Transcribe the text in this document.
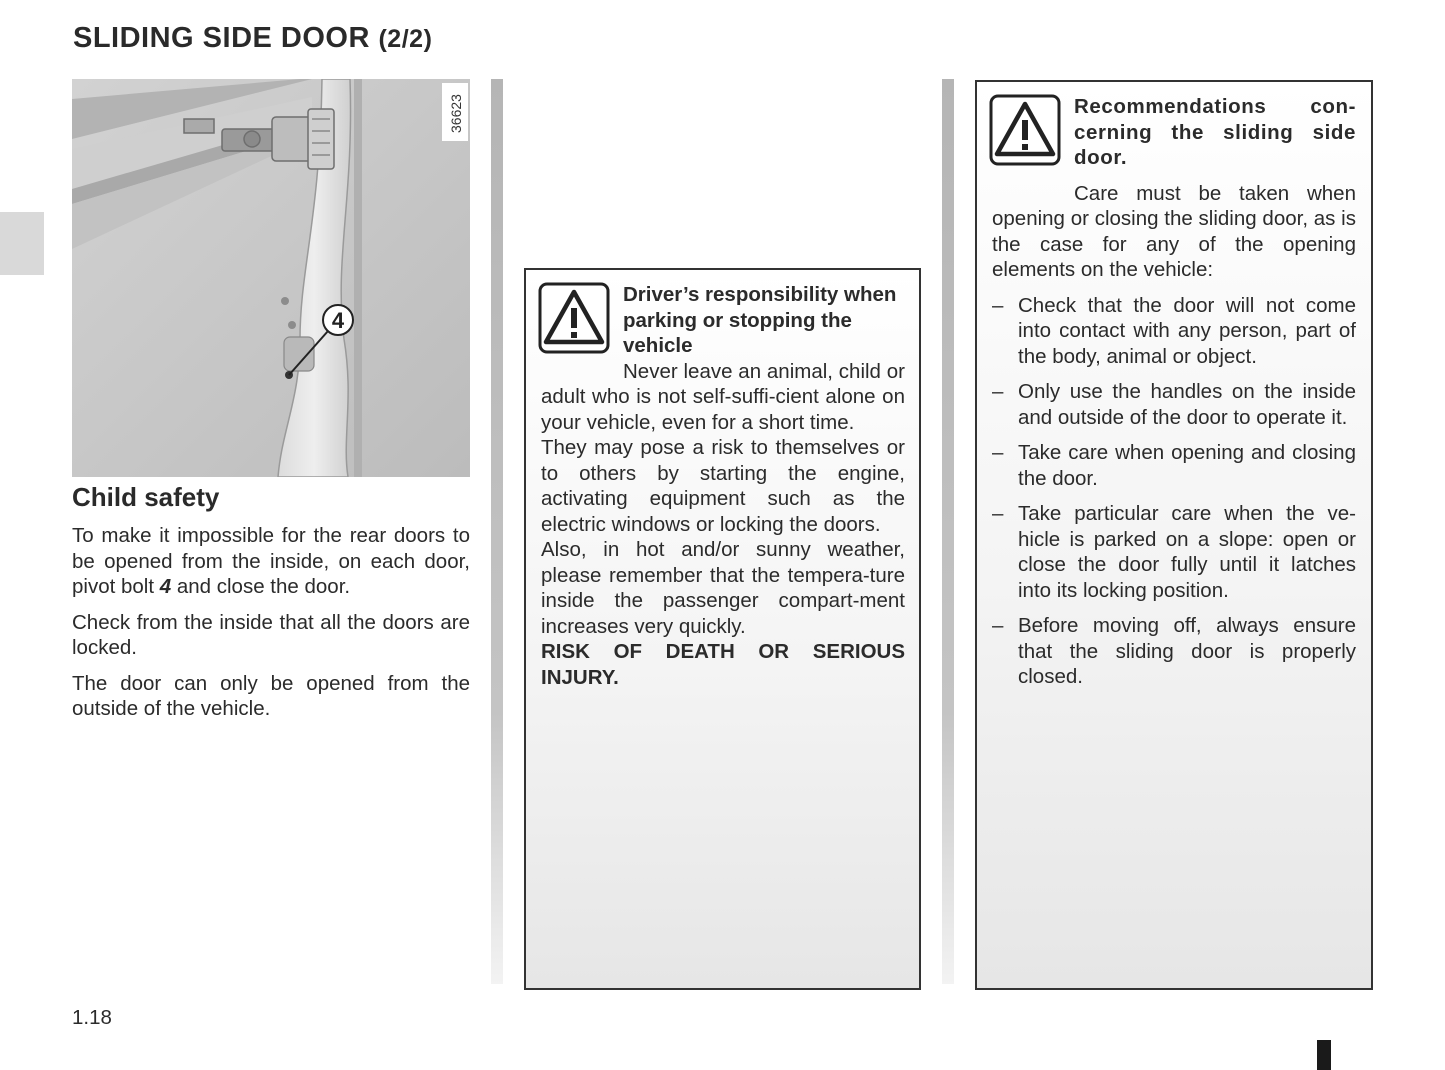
SLIDING SIDE DOOR (2/2)
4
36623
Child safety

To make it impossible for the rear doors to be opened from the inside, on each door, pivot bolt 4 and close the door.

Check from the inside that all the doors are locked.

The door can only be opened from the outside of the vehicle.

Driver’s responsibility when parking or stopping the vehicle
Never leave an animal, child or adult who is not self-suffi-cient alone on your vehicle, even for a short time.
They may pose a risk to themselves or to others by starting the engine, activating equipment such as the electric windows or locking the doors.
Also, in hot and/or sunny weather, please remember that the tempera-ture inside the passenger compart-ment increases very quickly.
RISK OF DEATH OR SERIOUS INJURY.
Recommendations con-cerning the sliding side door.
Care must be taken when opening or closing the sliding door, as is the case for any of the opening elements on the vehicle:
– Check that the door will not come into contact with any person, part of the body, animal or object.
– Only use the handles on the inside and outside of the door to operate it.
– Take care when opening and closing the door.
– Take particular care when the ve-hicle is parked on a slope: open or close the door fully until it latches into its locking position.
– Before moving off, always ensure that the sliding door is properly closed.
1.18
